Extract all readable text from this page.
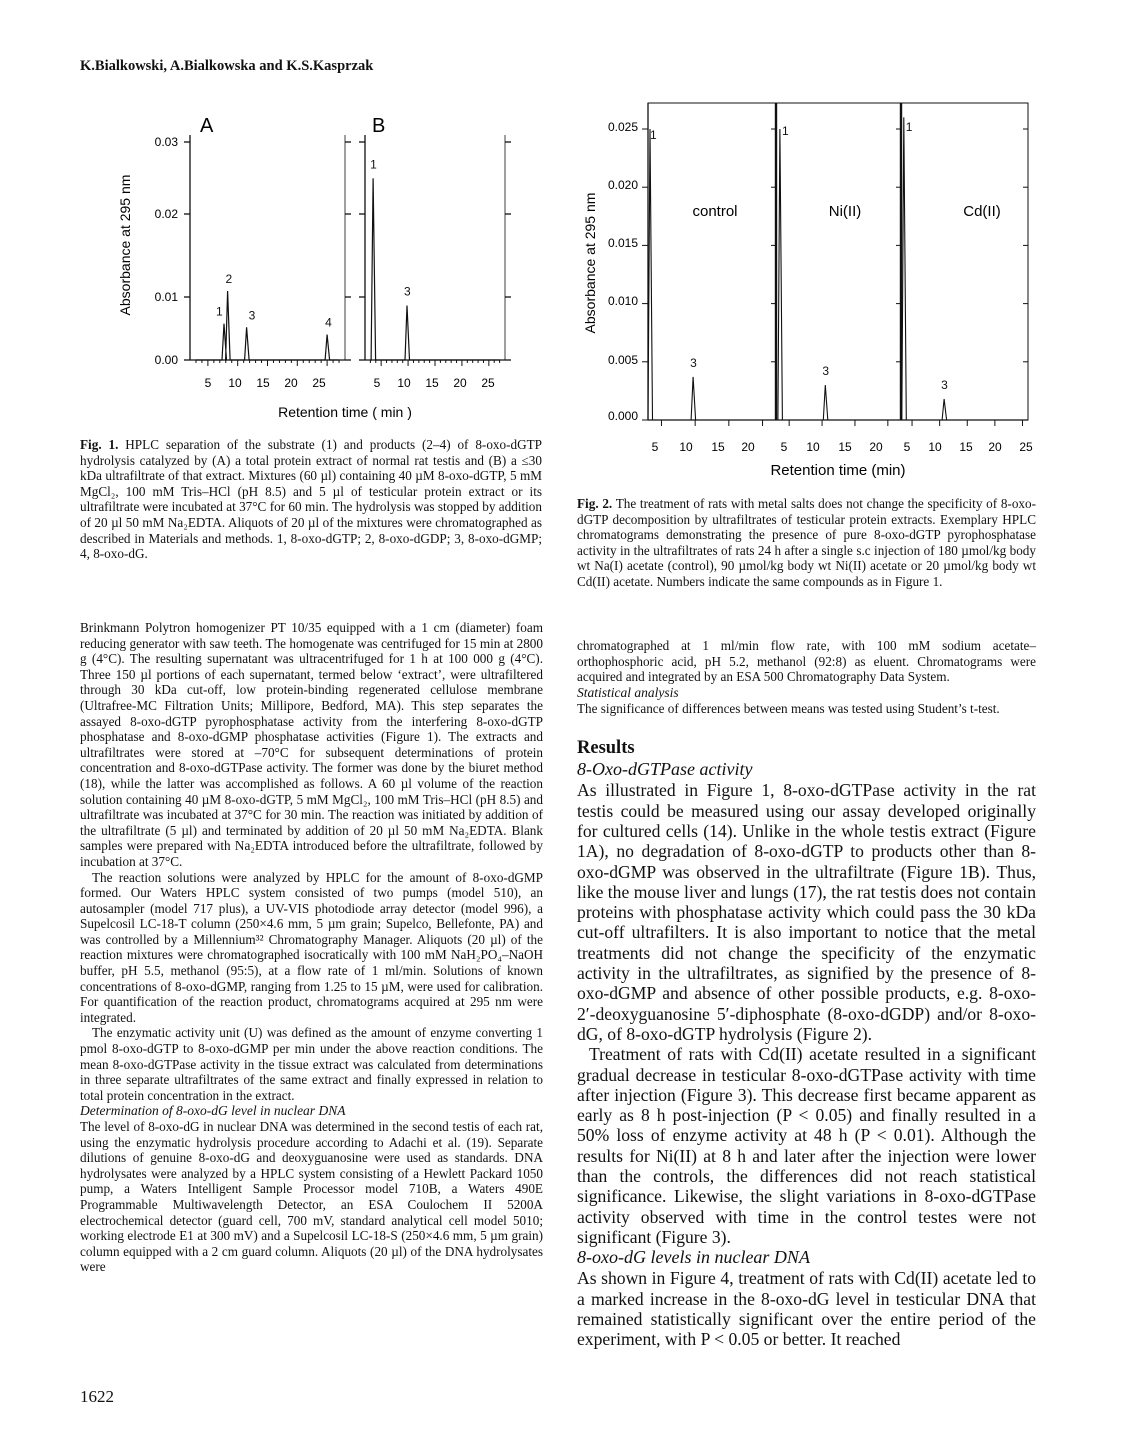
K.Bialkowski, A.Bialkowska and K.S.Kasprzak
1
2
3
4
1
3
0.00
0.01
0.02
0.03
5 10 15 20 25	5 10 15 20 25
A	B
Absorbance at 295 nm
Retention time ( min )
1
3
1
3
1
3
0.000
0.005
0.010
0.015
0.020
0.025
control	Ni(II)	Cd(II)
5 10 15 20 5 10 15 20 5 10 15 20 25
Absorbance at 295 nm
Retention time (min)

Fig. 1. HPLC separation of the substrate (1) and products (2–4) of 8-oxo-dGTP hydrolysis catalyzed by (A) a total protein extract of normal rat testis and (B) a ≤30 kDa ultrafiltrate of that extract. Mixtures (60 µl) containing 40 µM 8-oxo-dGTP, 5 mM MgCl₂, 100 mM Tris–HCl (pH 8.5) and 5 µl of testicular protein extract or its ultrafiltrate were incubated at 37°C for 60 min. The hydrolysis was stopped by addition of 20 µl 50 mM Na₂EDTA. Aliquots of 20 µl of the mixtures were chromatographed as described in Materials and methods. 1, 8-oxo-dGTP; 2, 8-oxo-dGDP; 3, 8-oxo-dGMP; 4, 8-oxo-dG.

Fig. 2. The treatment of rats with metal salts does not change the specificity of 8-oxo-dGTP decomposition by ultrafiltrates of testicular protein extracts. Exemplary HPLC chromatograms demonstrating the presence of pure 8-oxo-dGTP pyrophosphatase activity in the ultrafiltrates of rats 24 h after a single s.c injection of 180 µmol/kg body wt Na(I) acetate (control), 90 µmol/kg body wt Ni(II) acetate or 20 µmol/kg body wt Cd(II) acetate. Numbers indicate the same compounds as in Figure 1.

Brinkmann Polytron homogenizer PT 10/35 equipped with a 1 cm (diameter) foam reducing generator with saw teeth. The homogenate was centrifuged for 15 min at 2800 g (4°C). The resulting supernatant was ultracentrifuged for 1 h at 100 000 g (4°C). Three 150 µl portions of each supernatant, termed below ‘extract’, were ultrafiltered through 30 kDa cut-off, low protein-binding regenerated cellulose membrane (Ultrafree-MC Filtration Units; Millipore, Bedford, MA). This step separates the assayed 8-oxo-dGTP pyrophosphatase activity from the interfering 8-oxo-dGTP phosphatase and 8-oxo-dGMP phosphatase activities (Figure 1). The extracts and ultrafiltrates were stored at –70°C for subsequent determinations of protein concentration and 8-oxo-dGTPase activity. The former was done by the biuret method (18), while the latter was accomplished as follows. A 60 µl volume of the reaction solution containing 40 µM 8-oxo-dGTP, 5 mM MgCl₂, 100 mM Tris–HCl (pH 8.5) and ultrafiltrate was incubated at 37°C for 30 min. The reaction was initiated by addition of the ultrafiltrate (5 µl) and terminated by addition of 20 µl 50 mM Na₂EDTA. Blank samples were prepared with Na₂EDTA introduced before the ultrafiltrate, followed by incubation at 37°C.

The reaction solutions were analyzed by HPLC for the amount of 8-oxo-dGMP formed. Our Waters HPLC system consisted of two pumps (model 510), an autosampler (model 717 plus), a UV-VIS photodiode array detector (model 996), a Supelcosil LC-18-T column (250×4.6 mm, 5 µm grain; Supelco, Bellefonte, PA) and was controlled by a Millennium³² Chromatography Manager. Aliquots (20 µl) of the reaction mixtures were chromatographed isocratically with 100 mM NaH₂PO₄–NaOH buffer, pH 5.5, methanol (95:5), at a flow rate of 1 ml/min. Solutions of known concentrations of 8-oxo-dGMP, ranging from 1.25 to 15 µM, were used for calibration. For quantification of the reaction product, chromatograms acquired at 295 nm were integrated.

The enzymatic activity unit (U) was defined as the amount of enzyme converting 1 pmol 8-oxo-dGTP to 8-oxo-dGMP per min under the above reaction conditions. The mean 8-oxo-dGTPase activity in the tissue extract was calculated from determinations in three separate ultrafiltrates of the same extract and finally expressed in relation to total protein concentration in the extract.

Determination of 8-oxo-dG level in nuclear DNA

The level of 8-oxo-dG in nuclear DNA was determined in the second testis of each rat, using the enzymatic hydrolysis procedure according to Adachi et al. (19). Separate dilutions of genuine 8-oxo-dG and deoxyguanosine were used as standards. DNA hydrolysates were analyzed by a HPLC system consisting of a Hewlett Packard 1050 pump, a Waters Intelligent Sample Processor model 710B, a Waters 490E Programmable Multiwavelength Detector, an ESA Coulochem II 5200A electrochemical detector (guard cell, 700 mV, standard analytical cell model 5010; working electrode E1 at 300 mV) and a Supelcosil LC-18-S (250×4.6 mm, 5 µm grain) column equipped with a 2 cm guard column. Aliquots (20 µl) of the DNA hydrolysates were

chromatographed at 1 ml/min flow rate, with 100 mM sodium acetate–orthophosphoric acid, pH 5.2, methanol (92:8) as eluent. Chromatograms were acquired and integrated by an ESA 500 Chromatography Data System.

Statistical analysis

The significance of differences between means was tested using Student’s t-test.

Results

8-Oxo-dGTPase activity

As illustrated in Figure 1, 8-oxo-dGTPase activity in the rat testis could be measured using our assay developed originally for cultured cells (14). Unlike in the whole testis extract (Figure 1A), no degradation of 8-oxo-dGTP to products other than 8-oxo-dGMP was observed in the ultrafiltrate (Figure 1B). Thus, like the mouse liver and lungs (17), the rat testis does not contain proteins with phosphatase activity which could pass the 30 kDa cut-off ultrafilters. It is also important to notice that the metal treatments did not change the specificity of the enzymatic activity in the ultrafiltrates, as signified by the presence of 8-oxo-dGMP and absence of other possible products, e.g. 8-oxo-2′-deoxyguanosine 5′-diphosphate (8-oxo-dGDP) and/or 8-oxo-dG, of 8-oxo-dGTP hydrolysis (Figure 2).

Treatment of rats with Cd(II) acetate resulted in a significant gradual decrease in testicular 8-oxo-dGTPase activity with time after injection (Figure 3). This decrease first became apparent as early as 8 h post-injection (P < 0.05) and finally resulted in a 50% loss of enzyme activity at 48 h (P < 0.01). Although the results for Ni(II) at 8 h and later after the injection were lower than the controls, the differences did not reach statistical significance. Likewise, the slight variations in 8-oxo-dGTPase activity observed with time in the control testes were not significant (Figure 3).

8-oxo-dG levels in nuclear DNA

As shown in Figure 4, treatment of rats with Cd(II) acetate led to a marked increase in the 8-oxo-dG level in testicular DNA that remained statistically significant over the entire period of the experiment, with P < 0.05 or better. It reached

1622
